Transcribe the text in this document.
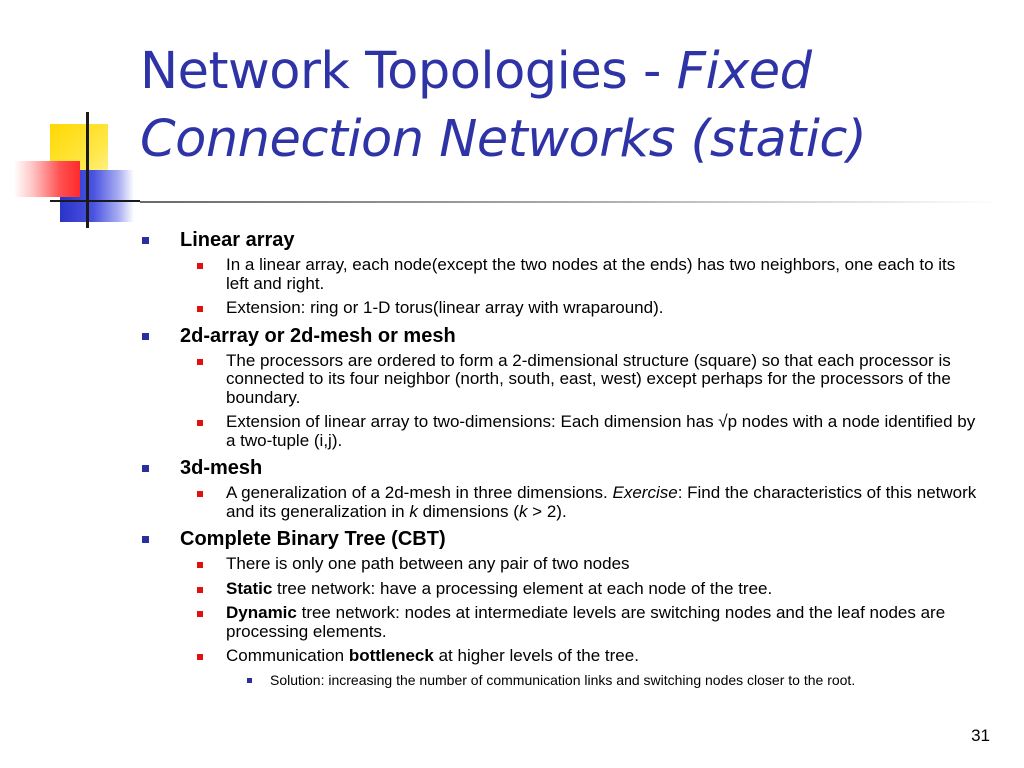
Network Topologies - Fixed Connection Networks (static)
Linear array
In a linear array, each node(except the two nodes at the ends) has two neighbors, one each to its left and right.
Extension: ring or 1-D torus(linear array with wraparound).
2d-array or 2d-mesh or mesh
The processors are ordered to form a 2-dimensional structure (square) so that each processor is connected to its four neighbor (north, south, east, west) except perhaps for the processors of the boundary.
Extension of linear array to two-dimensions: Each dimension has √p nodes with a node identified by a two-tuple (i,j).
3d-mesh
A generalization of a 2d-mesh in three dimensions. Exercise: Find the characteristics of this network and its generalization in k dimensions (k > 2).
Complete Binary Tree (CBT)
There is only one path between any pair of two nodes
Static tree network: have a processing element at each node of the tree.
Dynamic tree network: nodes at intermediate levels are switching nodes and the leaf nodes are processing elements.
Communication bottleneck at higher levels of the tree.
Solution: increasing the number of communication links and switching nodes closer to the root.
31
